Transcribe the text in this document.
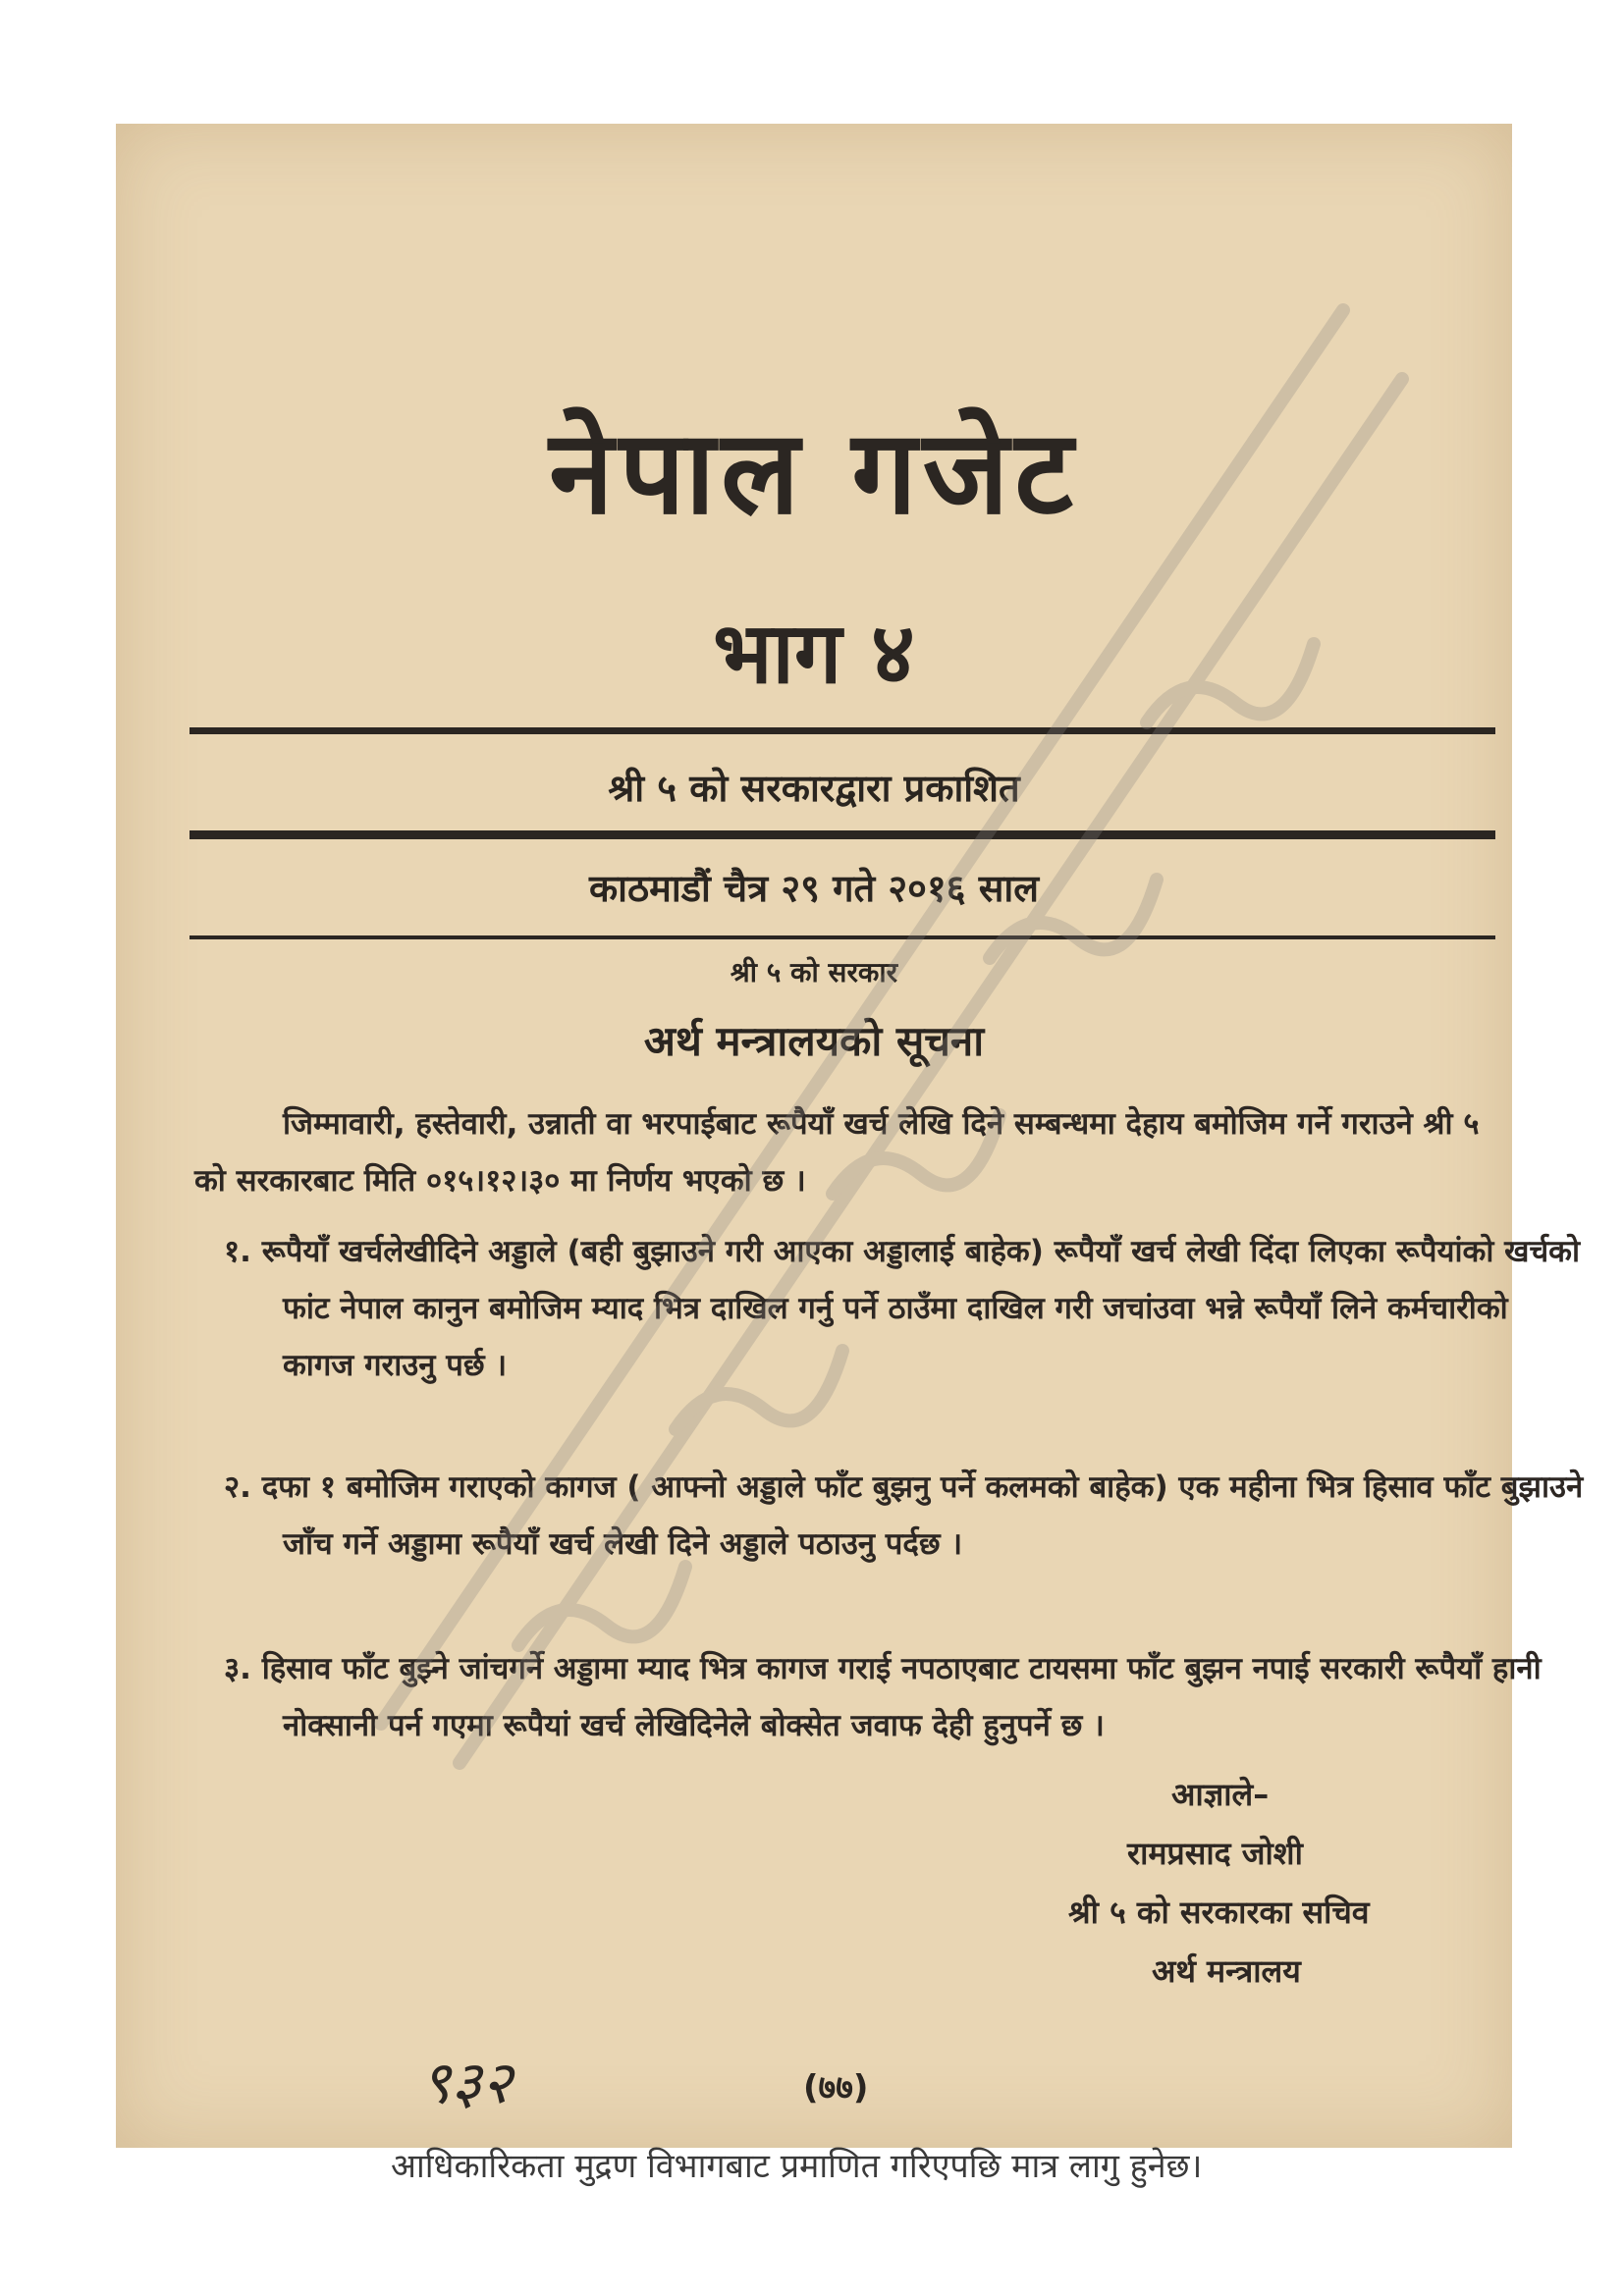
नेपाल गजेट
भाग ४
श्री ५ को सरकारद्वारा प्रकाशित
काठमाडौं चैत्र २९ गते २०१६ साल
श्री ५ को सरकार
अर्थ मन्त्रालयको सूचना
जिम्मावारी, हस्तेवारी, उन्नाती वा भरपाईबाट रूपैयाँ खर्च लेखि दिने सम्बन्धमा देहाय बमोजिम गर्ने गराउने श्री ५ को सरकारबाट मिति ०१५।१२।३० मा निर्णय भएको छ ।
१. रूपैयाँ खर्चलेखीदिने अड्डाले (बही बुझाउने गरी आएका अड्डालाई बाहेक) रूपैयाँ खर्च लेखी दिंदा लिएका रूपैयांको खर्चको फांट नेपाल कानुन बमोजिम म्याद भित्र दाखिल गर्नु पर्ने ठाउँमा दाखिल गरी जचांउवा भन्ने रूपैयाँ लिने कर्मचारीको कागज गराउनु पर्छ ।
२. दफा १ बमोजिम गराएको कागज ( आफ्नो अड्डाले फाँट बुझनु पर्ने कलमको बाहेक) एक महीना भित्र हिसाव फाँट बुझाउने जाँच गर्ने अड्डामा रूपैयाँ खर्च लेखी दिने अड्डाले पठाउनु पर्दछ ।
३. हिसाव फाँट बुझ्ने जांचगर्ने अड्डामा म्याद भित्र कागज गराई नपठाएबाट टायसमा फाँट बुझन नपाई सरकारी रूपैयाँ हानी नोक्सानी पर्न गएमा रूपैयां खर्च लेखिदिनेले बोक्सेत जवाफ देही हुनुपर्ने छ ।
आज्ञाले–
रामप्रसाद जोशी
श्री ५ को सरकारका सचिव
अर्थ मन्त्रालय
९३२	(७७)
आधिकारिकता मुद्रण विभागबाट प्रमाणित गरिएपछि मात्र लागु हुनेछ।
